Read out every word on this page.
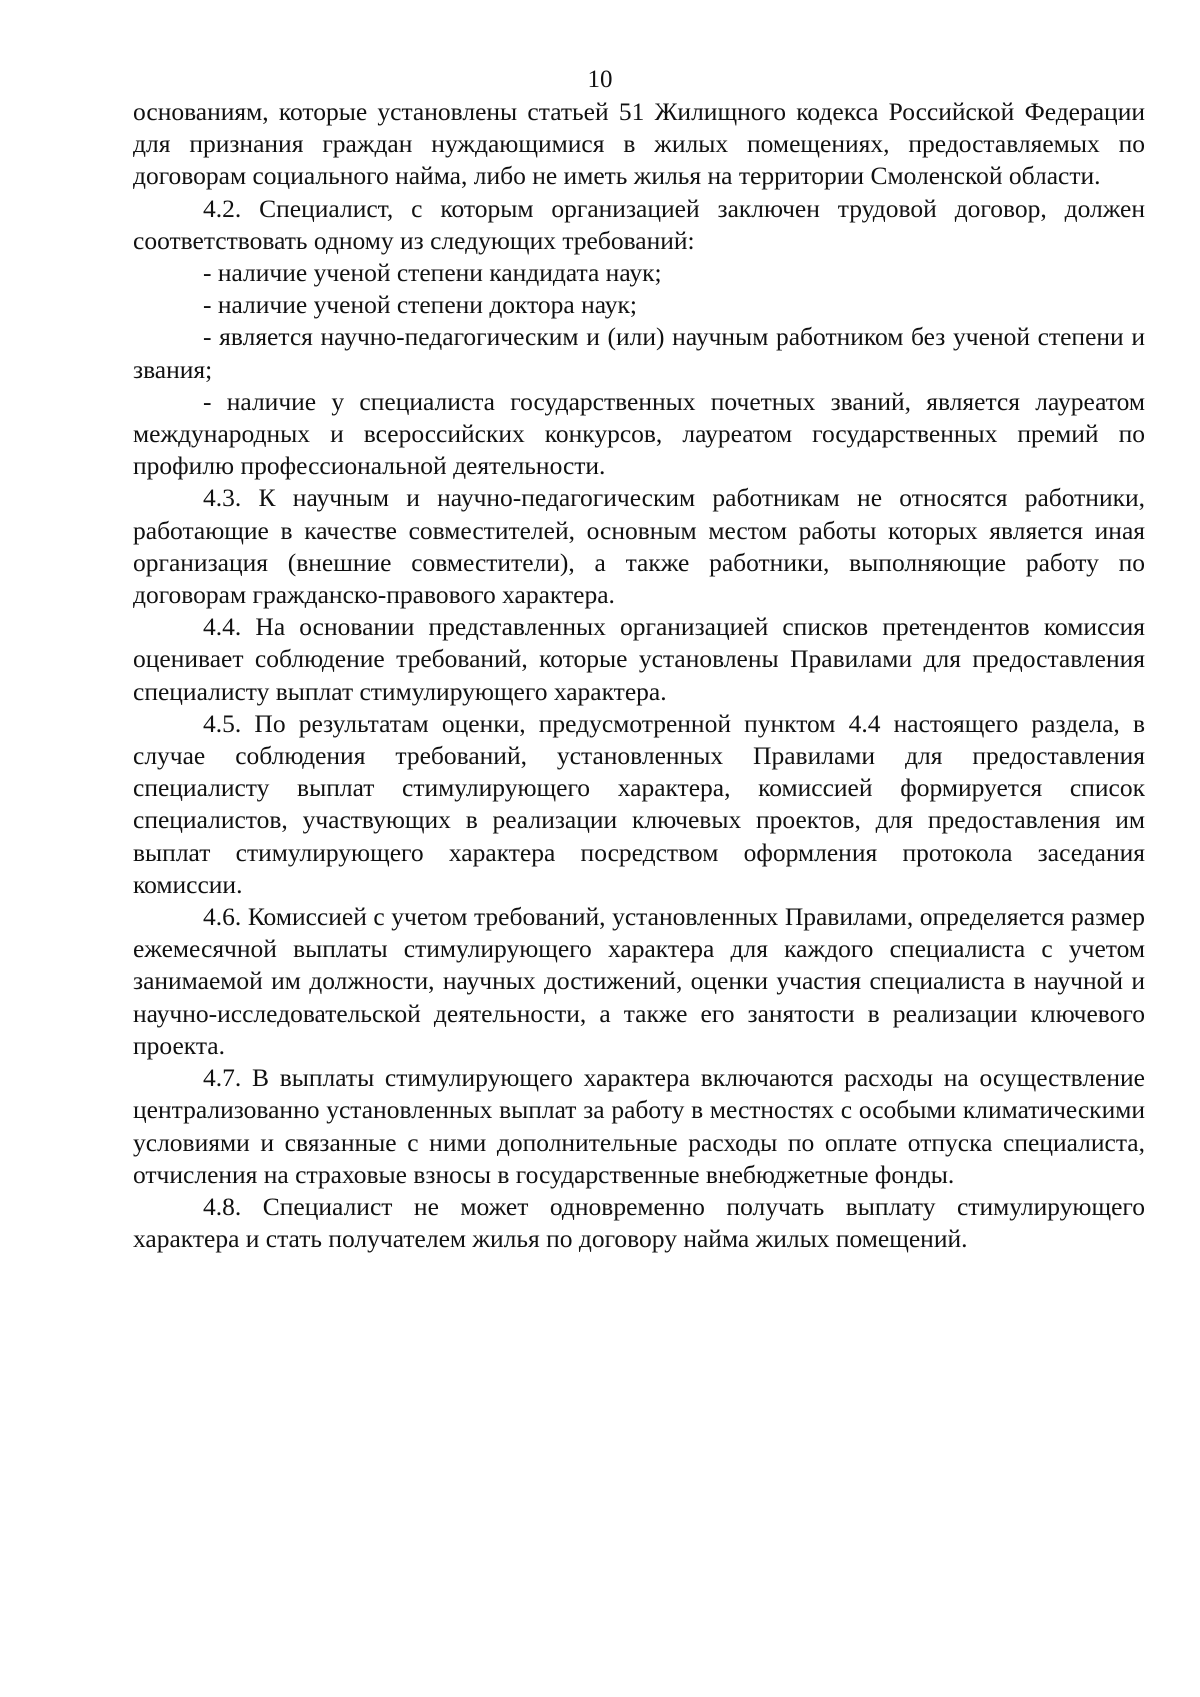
10

основаниям, которые установлены статьей 51 Жилищного кодекса Российской Федерации для признания граждан нуждающимися в жилых помещениях, предоставляемых по договорам социального найма, либо не иметь жилья на территории Смоленской области.

4.2. Специалист, с которым организацией заключен трудовой договор, должен соответствовать одному из следующих требований:

- наличие ученой степени кандидата наук;

- наличие ученой степени доктора наук;

- является научно-педагогическим и (или) научным работником без ученой степени и звания;

- наличие у специалиста государственных почетных званий, является лауреатом международных и всероссийских конкурсов, лауреатом государственных премий по профилю профессиональной деятельности.

4.3. К научным и научно-педагогическим работникам не относятся работники, работающие в качестве совместителей, основным местом работы которых является иная организация (внешние совместители), а также работники, выполняющие работу по договорам гражданско-правового характера.

4.4. На основании представленных организацией списков претендентов комиссия оценивает соблюдение требований, которые установлены Правилами для предоставления специалисту выплат стимулирующего характера.

4.5. По результатам оценки, предусмотренной пунктом 4.4 настоящего раздела, в случае соблюдения требований, установленных Правилами для предоставления специалисту выплат стимулирующего характера, комиссией формируется список специалистов, участвующих в реализации ключевых проектов, для предоставления им выплат стимулирующего характера посредством оформления протокола заседания комиссии.

4.6. Комиссией с учетом требований, установленных Правилами, определяется размер ежемесячной выплаты стимулирующего характера для каждого специалиста с учетом занимаемой им должности, научных достижений, оценки участия специалиста в научной и научно-исследовательской деятельности, а также его занятости в реализации ключевого проекта.

4.7. В выплаты стимулирующего характера включаются расходы на осуществление централизованно установленных выплат за работу в местностях с особыми климатическими условиями и связанные с ними дополнительные расходы по оплате отпуска специалиста, отчисления на страховые взносы в государственные внебюджетные фонды.

4.8. Специалист не может одновременно получать выплату стимулирующего характера и стать получателем жилья по договору найма жилых помещений.
